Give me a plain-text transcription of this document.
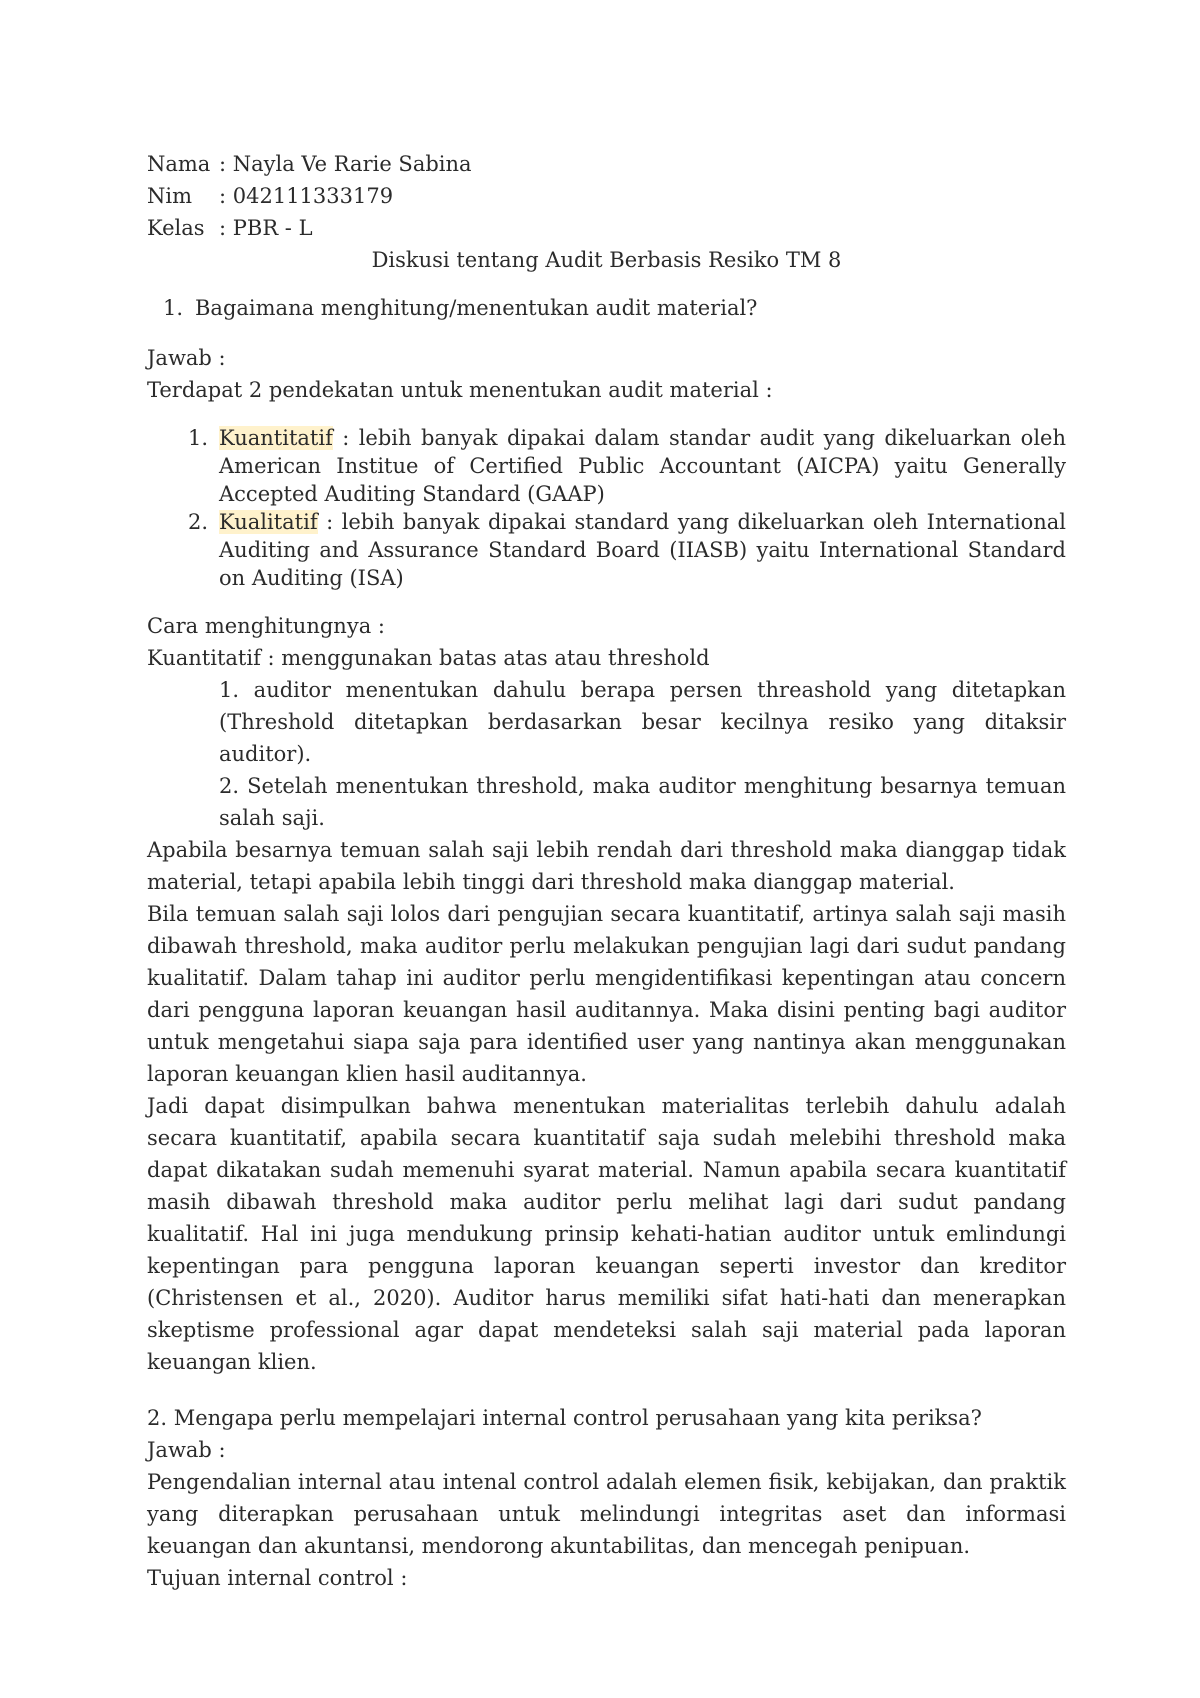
Nama : Nayla Ve Rarie Sabina
Nim	: 042111333179
Kelas : PBR - L

Diskusi tentang Audit Berbasis Resiko TM 8

1. Bagaimana menghitung/menentukan audit material?
Jawab :
Terdapat 2 pendekatan untuk menentukan audit material :
1. Kuantitatif : lebih banyak dipakai dalam standar audit yang dikeluarkan oleh American Institue of Certified Public Accountant (AICPA) yaitu Generally Accepted Auditing Standard (GAAP)
2. Kualitatif : lebih banyak dipakai standard yang dikeluarkan oleh International Auditing and Assurance Standard Board (IIASB) yaitu International Standard on Auditing (ISA)
Cara menghitungnya :
Kuantitatif : menggunakan batas atas atau threshold
1. auditor menentukan dahulu berapa persen threashold yang ditetapkan (Threshold ditetapkan berdasarkan besar kecilnya resiko yang ditaksir auditor).
2. Setelah menentukan threshold, maka auditor menghitung besarnya temuan salah saji.
Apabila besarnya temuan salah saji lebih rendah dari threshold maka dianggap tidak material, tetapi apabila lebih tinggi dari threshold maka dianggap material.
Bila temuan salah saji lolos dari pengujian secara kuantitatif, artinya salah saji masih dibawah threshold, maka auditor perlu melakukan pengujian lagi dari sudut pandang kualitatif. Dalam tahap ini auditor perlu mengidentifikasi kepentingan atau concern dari pengguna laporan keuangan hasil auditannya. Maka disini penting bagi auditor untuk mengetahui siapa saja para identified user yang nantinya akan menggunakan laporan keuangan klien hasil auditannya.
Jadi dapat disimpulkan bahwa menentukan materialitas terlebih dahulu adalah secara kuantitatif, apabila secara kuantitatif saja sudah melebihi threshold maka dapat dikatakan sudah memenuhi syarat material. Namun apabila secara kuantitatif masih dibawah threshold maka auditor perlu melihat lagi dari sudut pandang kualitatif. Hal ini juga mendukung prinsip kehati-hatian auditor untuk emlindungi kepentingan para pengguna laporan keuangan seperti investor dan kreditor (Christensen et al., 2020). Auditor harus memiliki sifat hati-hati dan menerapkan skeptisme professional agar dapat mendeteksi salah saji material pada laporan keuangan klien.
2. Mengapa perlu mempelajari internal control perusahaan yang kita periksa?
Jawab :
Pengendalian internal atau intenal control adalah elemen fisik, kebijakan, dan praktik yang diterapkan perusahaan untuk melindungi integritas aset dan informasi keuangan dan akuntansi, mendorong akuntabilitas, dan mencegah penipuan.
Tujuan internal control :
